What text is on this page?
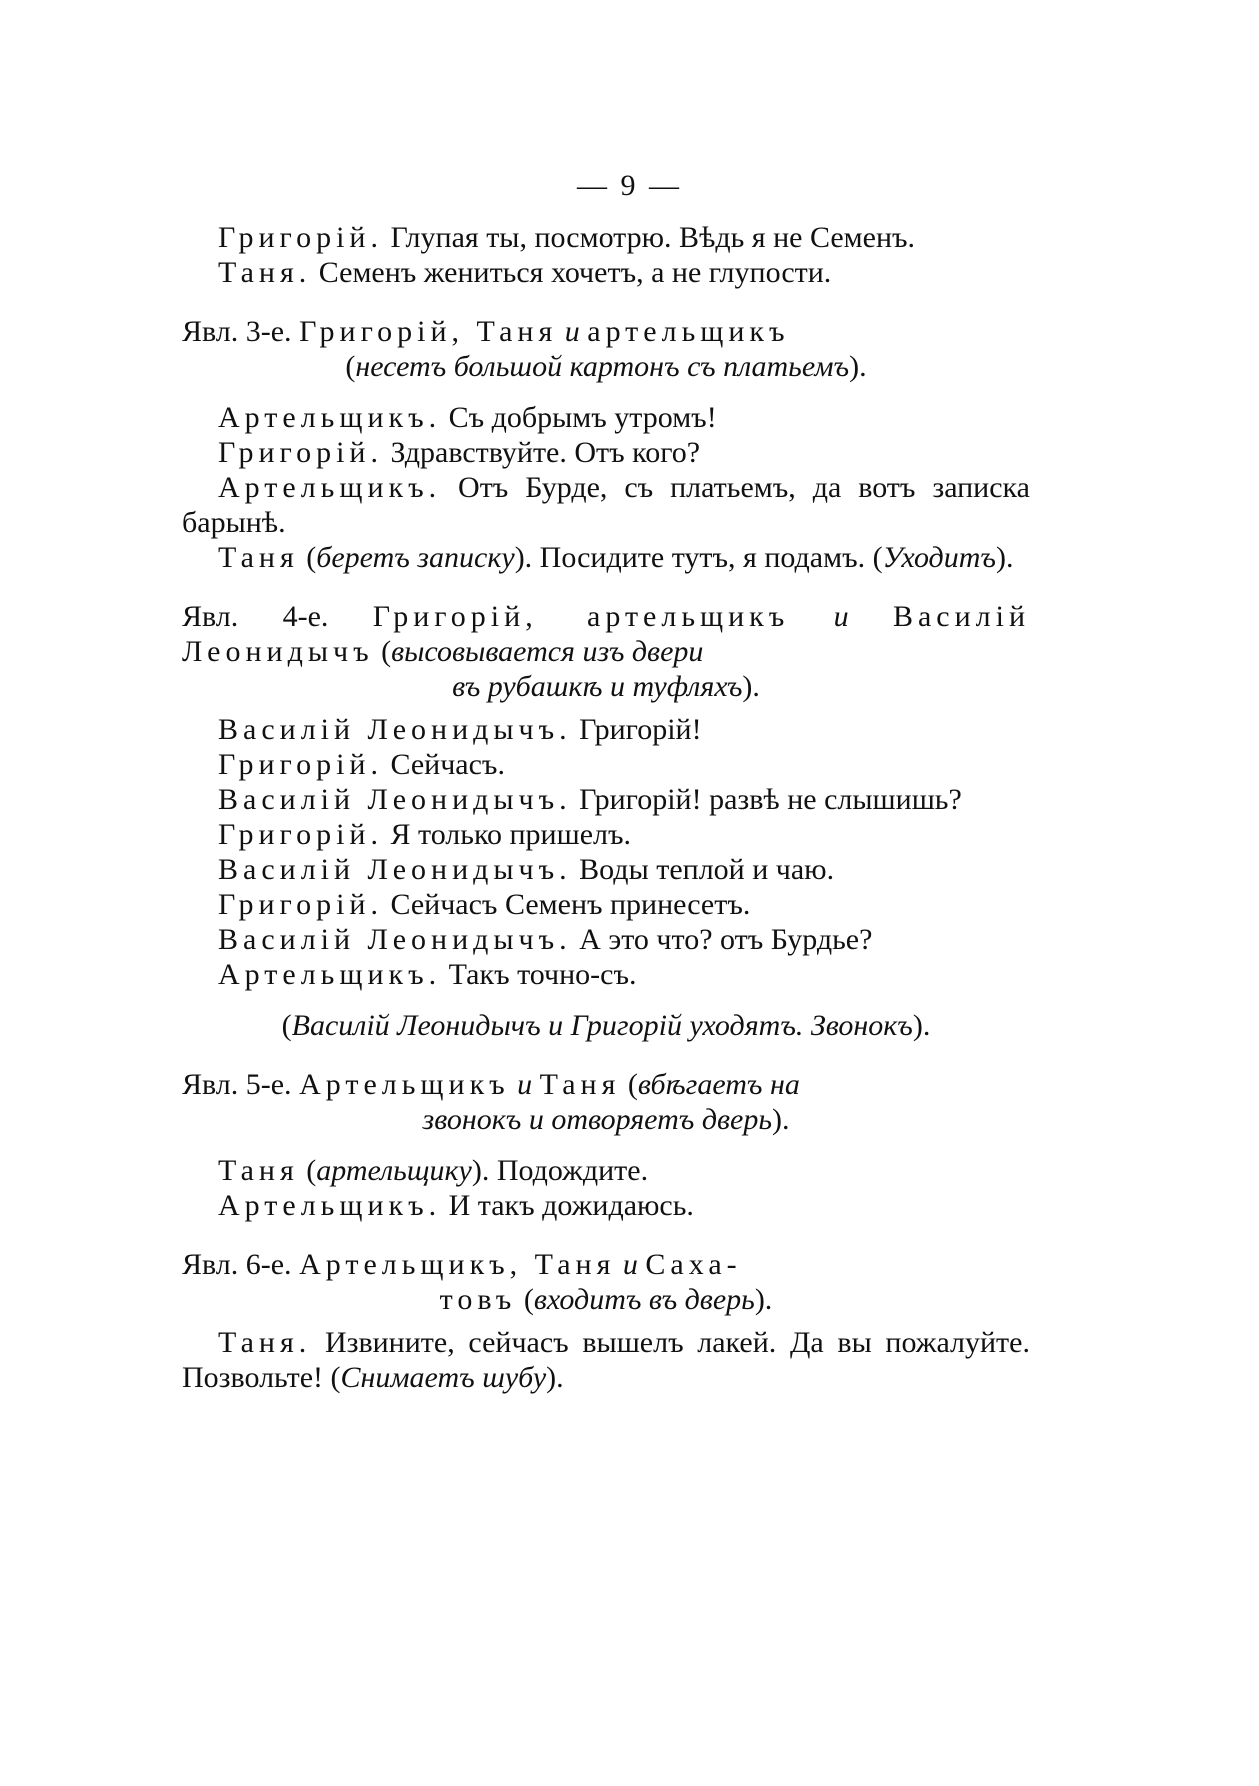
— 9 —

Григорій. Глупая ты, посмотрю. Вѣдь я не Семенъ.

Таня. Семенъ жениться хочетъ, а не глупости.

Явл. 3-е. Григорій, Таня и артельщикъ

(несетъ большой картонъ съ платьемъ).

Артельщикъ. Съ добрымъ утромъ!

Григорій. Здравствуйте. Отъ кого?

Артельщикъ. Отъ Бурде, съ платьемъ, да вотъ записка барынѣ.

Таня (беретъ записку). Посидите тутъ, я подамъ. (Уходитъ).

Явл. 4-е. Григорій, артельщикъ и Василій Леонидычъ (высовывается изъ двери

въ рубашкѣ и туфляхъ).

Василій Леонидычъ. Григорій!

Григорій. Сейчасъ.

Василій Леонидычъ. Григорій! развѣ не слышишь?

Григорій. Я только пришелъ.

Василій Леонидычъ. Воды теплой и чаю.

Григорій. Сейчасъ Семенъ принесетъ.

Василій Леонидычъ. А это что? отъ Бурдье?

Артельщикъ. Такъ точно-съ.

(Василій Леонидычъ и Григорій уходятъ. Звонокъ).

Явл. 5-е. Артельщикъ и Таня (вбѣгаетъ на

звонокъ и отворяетъ дверь).

Таня (артельщику). Подождите.

Артельщикъ. И такъ дожидаюсь.

Явл. 6-е. Артельщикъ, Таня и Саха-

товъ (входитъ въ дверь).

Таня. Извините, сейчасъ вышелъ лакей. Да вы пожалуйте. Позвольте! (Снимаетъ шубу).
